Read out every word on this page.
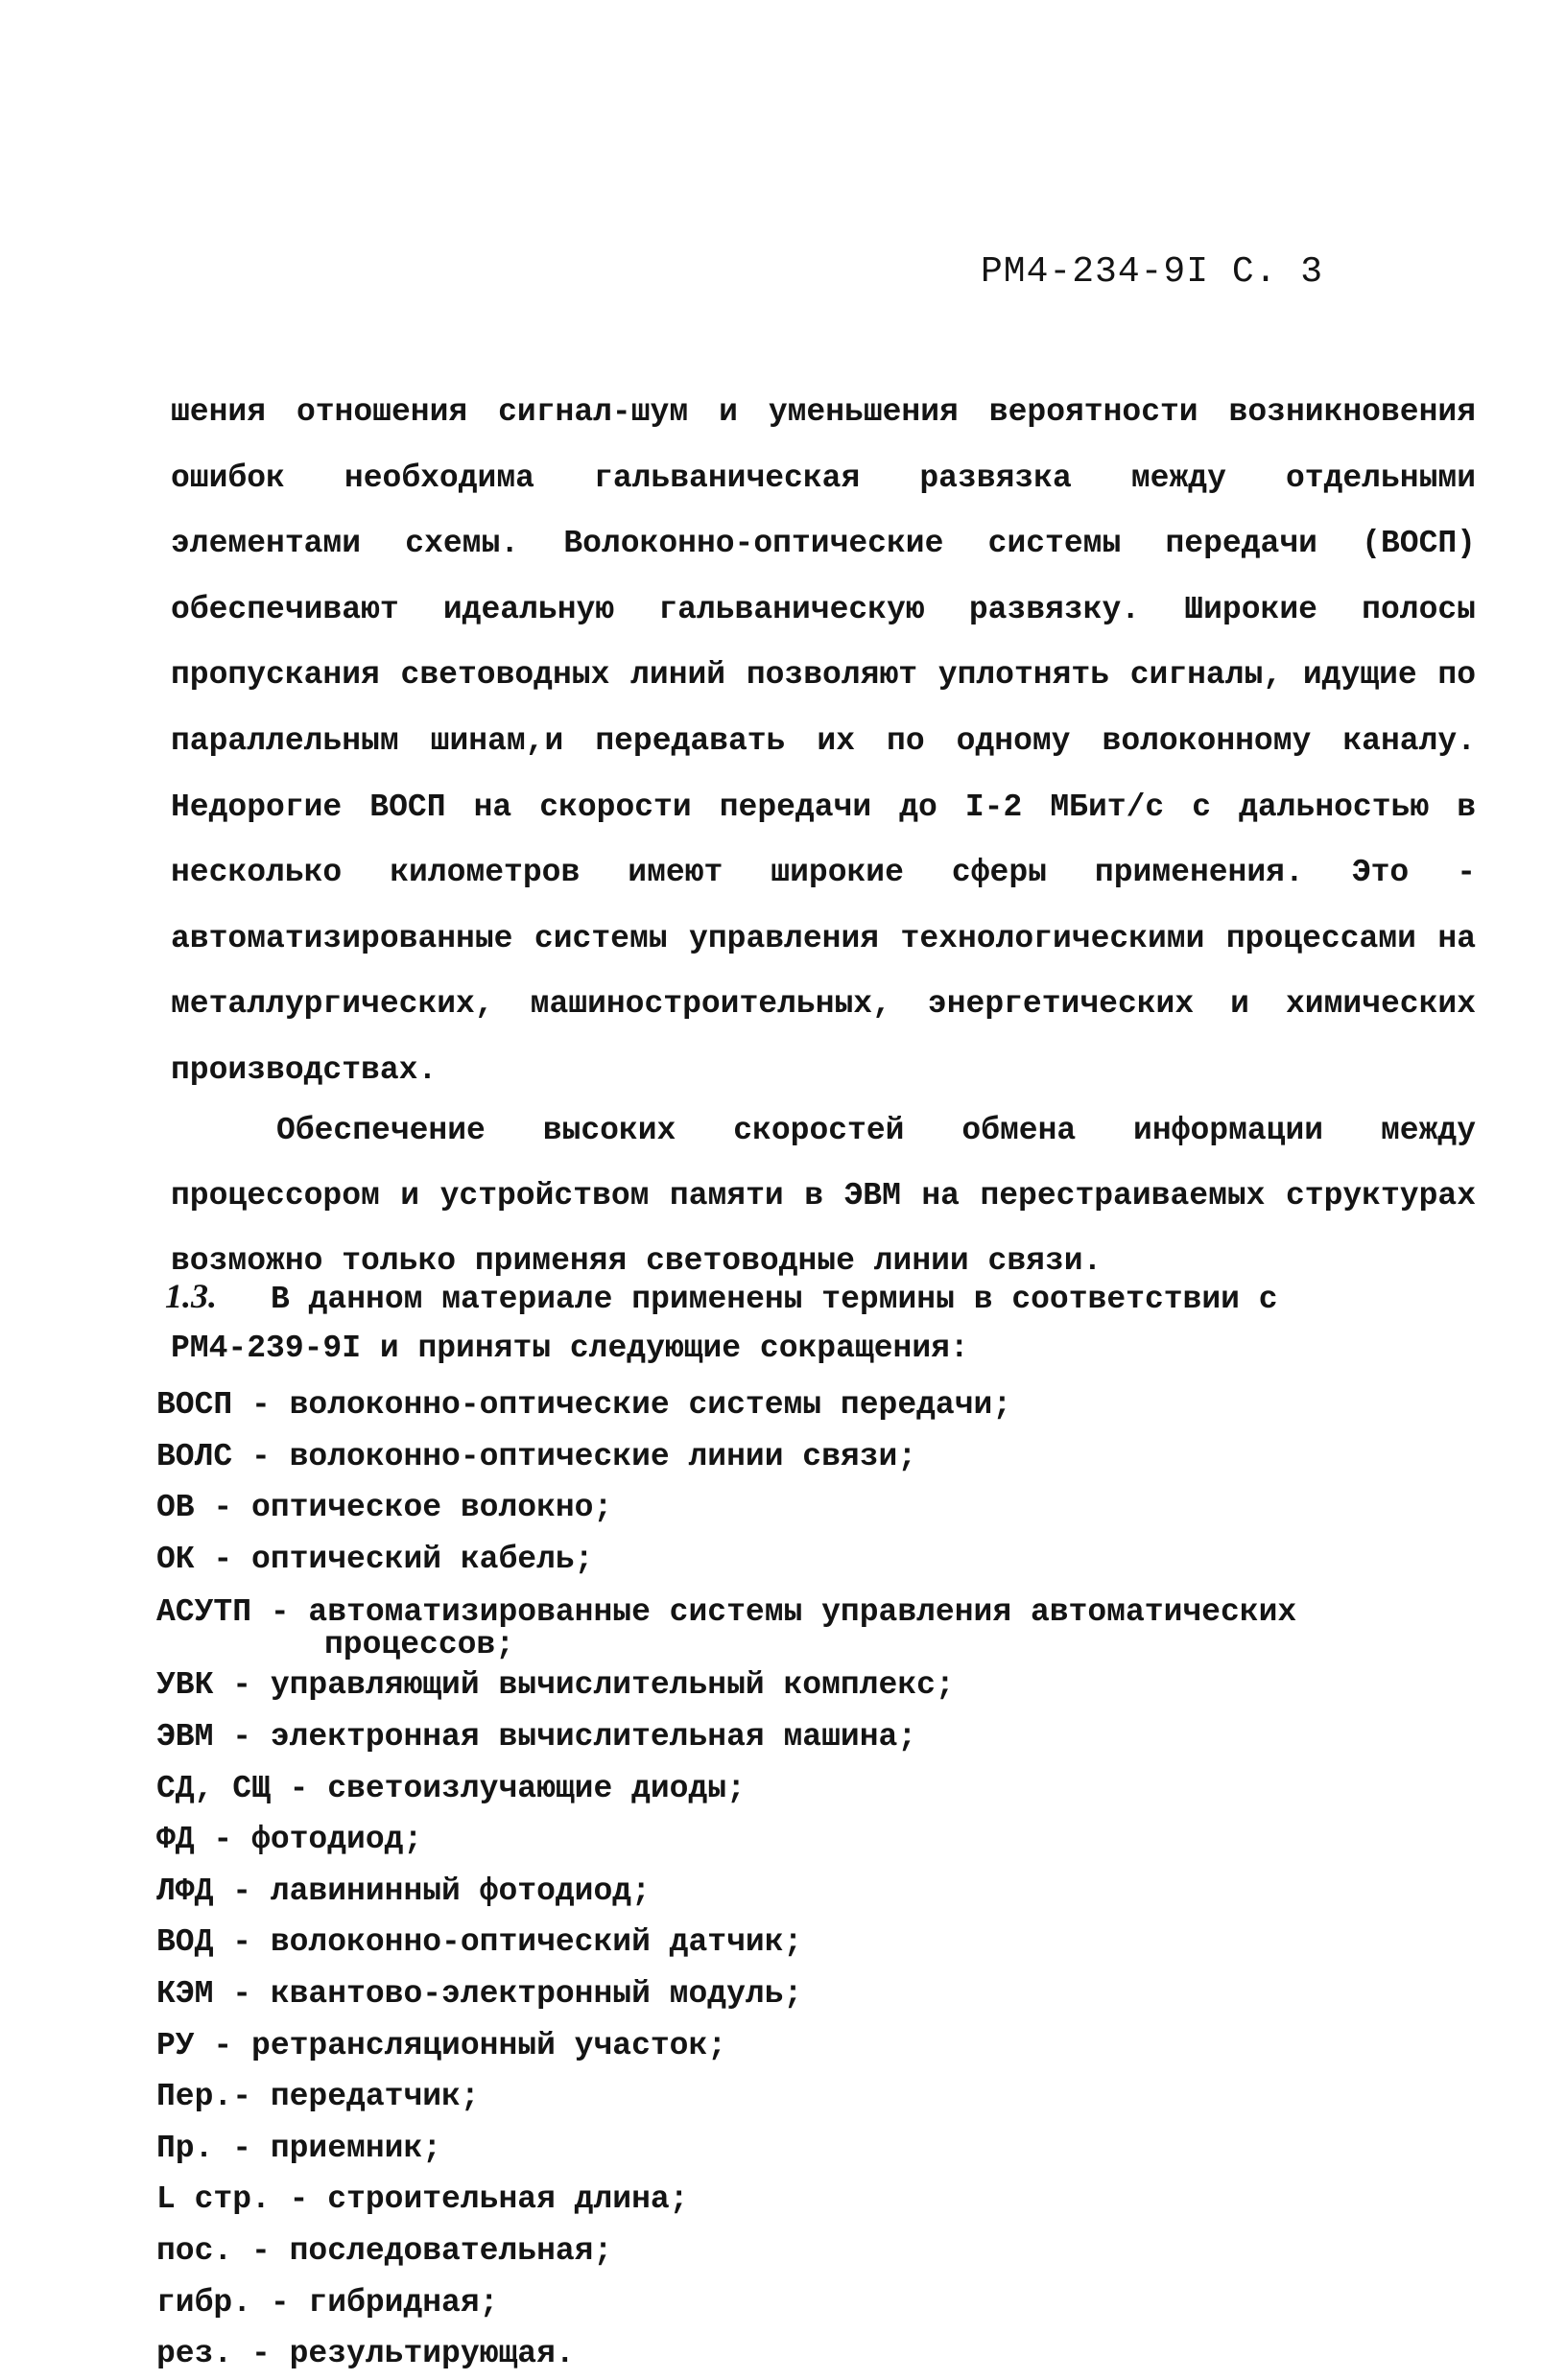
РМ4-234-9I С. 3
шения отношения сигнал-шум и уменьшения вероятности возникновения ошибок необходима гальваническая развязка между отдельными элементами схемы. Волоконно-оптические системы передачи (ВОСП) обеспечивают идеальную гальваническую развязку. Широкие полосы пропускания световодных линий позволяют уплотнять сигналы, идущие по параллельным шинам,и передавать их по одному волоконному каналу. Недорогие ВОСП на скорости передачи до I-2 МБит/с с дальностью в несколько километров имеют широкие сферы применения. Это - автоматизированные системы управления технологическими процессами на металлургических, машиностроительных, энергетических и химических производствах.
Обеспечение высоких скоростей обмена информации между процессором и устройством памяти в ЭВМ на перестраиваемых структурах возможно только применяя световодные линии связи.
1.3. В данном материале применены термины в соответствии с
РМ4-239-9I и приняты следующие сокращения:
ВОСП - волоконно-оптические системы передачи;
ВОЛС - волоконно-оптические линии связи;
ОВ - оптическое волокно;
ОК - оптический кабель;
АСУТП - автоматизированные системы управления автоматических процессов;
УВК - управляющий вычислительный комплекс;
ЭВМ - электронная вычислительная машина;
СД, СЩ - светоизлучающие диоды;
ФД - фотодиод;
ЛФД - лавининный фотодиод;
ВОД - волоконно-оптический датчик;
КЭМ - квантово-электронный модуль;
РУ - ретрансляционный участок;
Пер.- передатчик;
Пр. - приемник;
L стр. - строительная длина;
пос. - последовательная;
гибр. - гибридная;
рез. - результирующая.
